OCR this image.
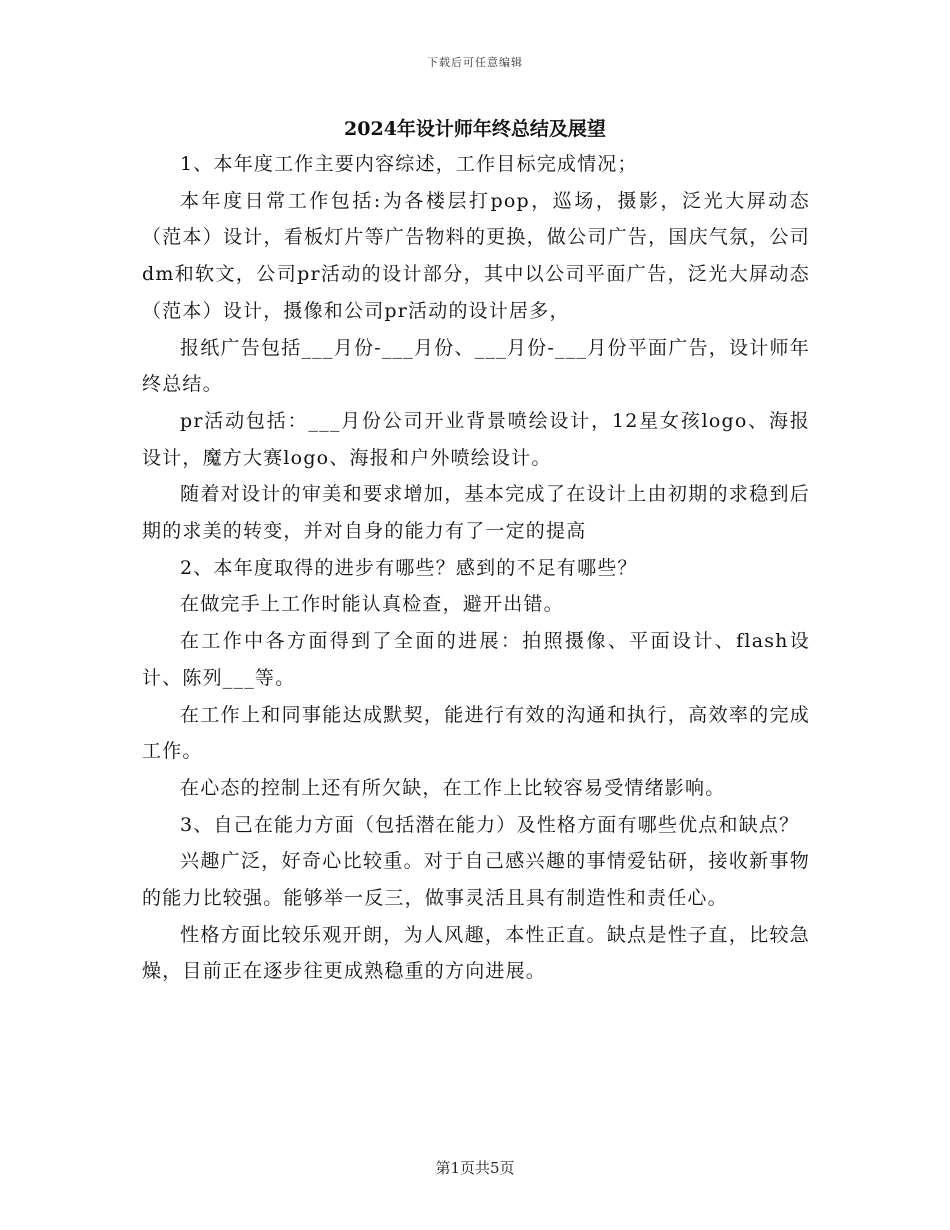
下载后可任意编辑
2024年设计师年终总结及展望

1、本年度工作主要内容综述，工作目标完成情况；

本年度日常工作包括:为各楼层打pop，巡场，摄影，泛光大屏动态（范本）设计，看板灯片等广告物料的更换，做公司广告，国庆气氛，公司dm和软文，公司pr活动的设计部分，其中以公司平面广告，泛光大屏动态（范本）设计，摄像和公司pr活动的设计居多，

报纸广告包括___月份-___月份、___月份-___月份平面广告，设计师年终总结。

pr活动包括：___月份公司开业背景喷绘设计，12星女孩logo、海报设计，魔方大赛logo、海报和户外喷绘设计。

随着对设计的审美和要求增加，基本完成了在设计上由初期的求稳到后期的求美的转变，并对自身的能力有了一定的提高

2、本年度取得的进步有哪些？感到的不足有哪些？

在做完手上工作时能认真检查，避开出错。

在工作中各方面得到了全面的进展：拍照摄像、平面设计、flash设计、陈列___等。

在工作上和同事能达成默契，能进行有效的沟通和执行，高效率的完成工作。

在心态的控制上还有所欠缺，在工作上比较容易受情绪影响。

3、自己在能力方面（包括潜在能力）及性格方面有哪些优点和缺点？

兴趣广泛，好奇心比较重。对于自己感兴趣的事情爱钻研，接收新事物的能力比较强。能够举一反三，做事灵活且具有制造性和责任心。

性格方面比较乐观开朗，为人风趣，本性正直。缺点是性子直，比较急燥，目前正在逐步往更成熟稳重的方向进展。

第1页共5页
